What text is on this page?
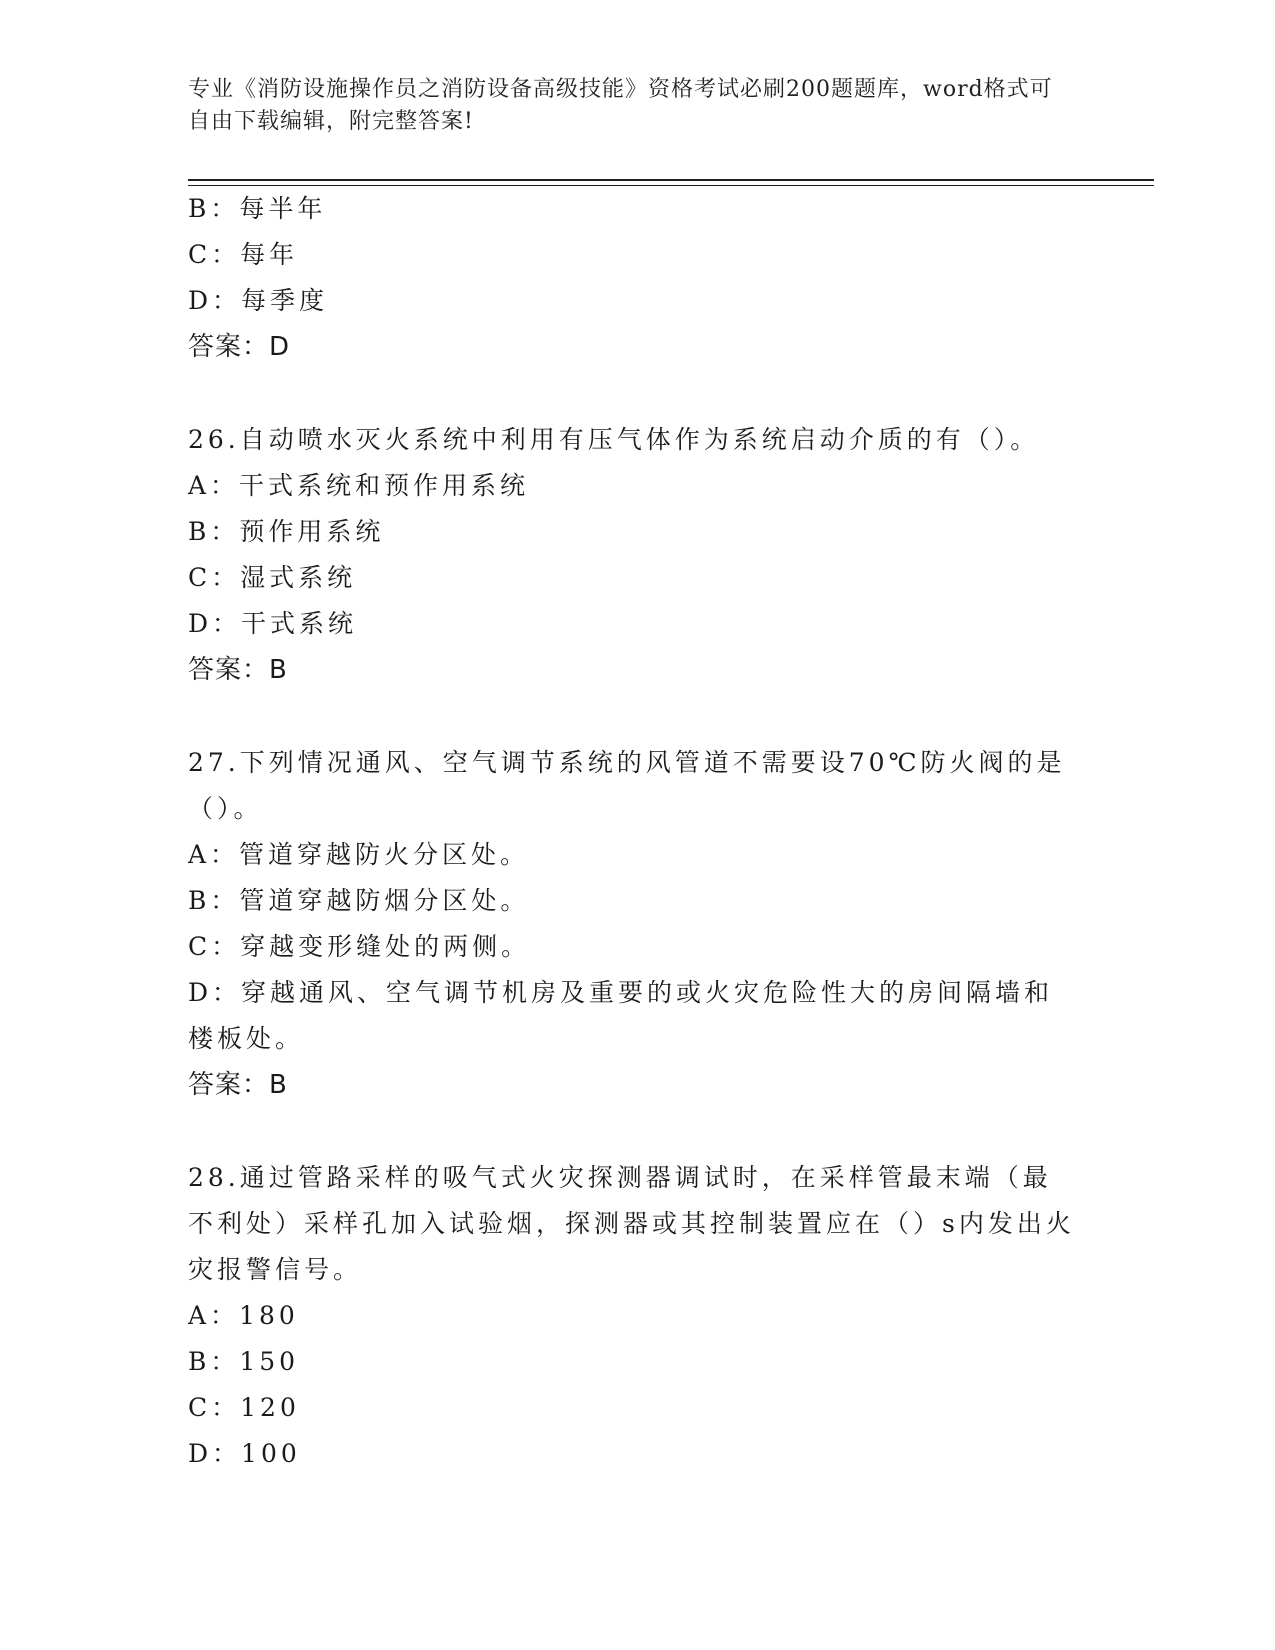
专业《消防设施操作员之消防设备高级技能》资格考试必刷200题题库，word格式可自由下载编辑，附完整答案!
B：每半年
C：每年
D：每季度
答案：D
26.自动喷水灭火系统中利用有压气体作为系统启动介质的有（）。
A：干式系统和预作用系统
B：预作用系统
C：湿式系统
D：干式系统
答案：B
27.下列情况通风、空气调节系统的风管道不需要设70℃防火阀的是（）。
A：管道穿越防火分区处。
B：管道穿越防烟分区处。
C：穿越变形缝处的两侧。
D：穿越通风、空气调节机房及重要的或火灾危险性大的房间隔墙和楼板处。
答案：B
28.通过管路采样的吸气式火灾探测器调试时，在采样管最末端（最不利处）采样孔加入试验烟，探测器或其控制装置应在（）s内发出火灾报警信号。
A：180
B：150
C：120
D：100
